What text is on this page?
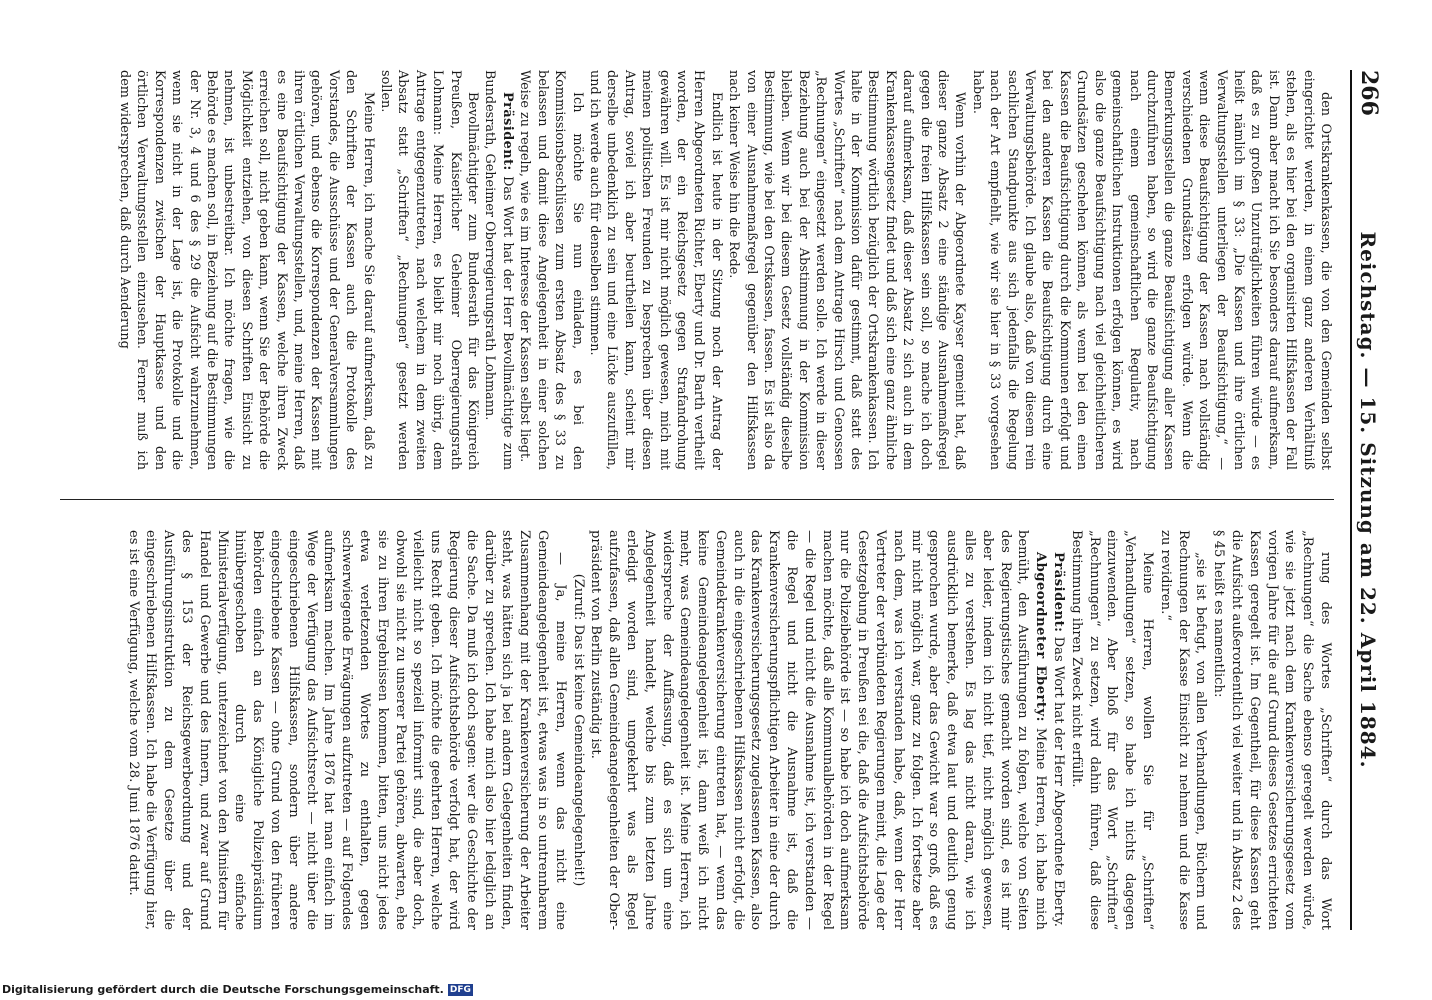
266
Reichstag. — 15. Sitzung am 22. April 1884.

den Ortskrankenkassen, die von den Gemeinden selbst eingerichtet werden, in einem ganz anderen Verhältniß stehen, als es hier bei den organisirten Hilfskassen der Fall ist. Dann aber macht ich Sie besonders darauf aufmerksam, daß es zu großen Unzuträglichkeiten führen würde — es heißt nämlich im § 33: „Die Kassen und ihre örtlichen Verwaltungsstellen unterliegen der Beaufsichtigung,“ — wenn diese Beaufsichtigung der Kassen nach vollständig verschiedenen Grundsätzen erfolgen würde. Wenn die Bemerkungsstellen die ganze Beaufsichtigung aller Kassen durchzuführen haben, so wird die ganze Beaufsichtigung nach einem gemeinschaftlichen Regulativ, nach gemeinschaftlichen Instruktionen erfolgen können, es wird also die ganze Beaufsichtigung nach viel gleichheitlicheren Grundsätzen geschehen können, als wenn bei den einen Kassen die Beaufsichtigung durch die Kommunen erfolgt und bei den anderen Kassen die Beaufsichtigung durch eine Verwaltungsbehörde. Ich glaube also, daß von diesem rein sachlichen Standpunkte aus sich jedenfalls die Regelung nach der Art empfiehlt, wie wir sie hier in § 33 vorgesehen haben.

Wenn vorhin der Abgeordnete Kayser gemeint hat, daß dieser ganze Absatz 2 eine ständige Ausnahmemaßregel gegen die freien Hilfskassen sein soll, so mache ich doch darauf aufmerksam, daß dieser Absatz 2 sich auch in dem Krankenkassengesetz findet und daß sich eine ganz ähnliche Bestimmung wörtlich bezüglich der Ortskrankenkassen. Ich halte in der Kommission dafür gestimmt, daß statt des Wortes „Schriften“ nach dem Antrage Hirsch und Genossen „Rechnungen“ eingesetzt werden solle. Ich werde in dieser Beziehung auch bei der Abstimmung in der Kommission bleiben. Wenn wir bei diesem Gesetz vollständig dieselbe Bestimmung, wie bei den Ortskassen, fassen. Es ist also da von einer Ausnahmemaßregel gegenüber den Hilfskassen nach keiner Weise hin die Rede.

Endlich ist heute in der Sitzung noch der Antrag der Herren Abgeordneten Richter, Eberty und Dr. Barth vertheilt worden, der ein Reichsgesetz gegen Strafandrohung gewähren will. Es ist mir nicht möglich gewesen, mich mit meinen politischen Freunden zu besprechen über diesen Antrag, soviel ich aber beurtheilen kann, scheint mir derselbe unbedenklich zu sein und eine Lücke auszufüllen, und ich werde auch für denselben stimmen.

Ich möchte Sie nun einladen, es bei den Kommissionsbeschlüssen zum ersten Absatz des § 33 zu belassen und damit diese Angelegenheit in einer solchen Weise zu regeln, wie es im Interesse der Kassen selbst liegt.

Präsident: Das Wort hat der Herr Bevollmächtigte zum Bundesrath, Geheimer Oberregierungsrath Lohmann.

Bevollmächtigter zum Bundesrath für das Königreich Preußen, Kaiserlicher Geheimer Oberregierungsrath Lohmann: Meine Herren, es bleibt mir noch übrig, dem Antrage entgegenzutreten, nach welchem in dem zweiten Absatz statt „Schriften“ „Rechnungen“ gesetzt werden sollen.

Meine Herren, ich mache Sie darauf aufmerksam, daß zu den Schriften der Kassen auch die Protokolle des Vorstandes, die Ausschüsse und der Generalversammlungen gehören, und ebenso die Korrespondenzen der Kassen mit ihren örtlichen Verwaltungsstellen, und, meine Herren, daß es eine Beaufsichtigung der Kassen, welche ihren Zweck erreichen soll, nicht geben kann, wenn Sie der Behörde die Möglichkeit entziehen, von diesen Schriften Einsicht zu nehmen, ist unbestreitbar. Ich möchte fragen, wie die Behörde es machen soll, in Beziehung auf die Bestimmungen der Nr. 3, 4 und 6 des § 29 die Aufsicht wahrzunehmen, wenn sie nicht in der Lage ist, die Protokolle und die Korrespondenzen zwischen der Hauptkasse und den örtlichen Verwaltungsstellen einzusehen. Ferner muß ich dem widersprechen, daß durch Aenderung

rung des Wortes „Schriften“ durch das Wort „Rechnungen“ die Sache ebenso geregelt werden würde, wie sie jetzt nach dem Krankenversicherungsgesetz vom vorigen Jahre für die auf Grund dieses Gesetzes errichteten Kassen geregelt ist. Im Gegentheil, für diese Kassen geht die Aufsicht außerordentlich viel weiter und in Absatz 2 des § 45 heißt es namentlich:

„sie ist befugt, von allen Verhandlungen, Büchern und Rechnungen der Kasse Einsicht zu nehmen und die Kasse zu revidiren.“

Meine Herren, wollen Sie für „Schriften“ „Verhandlungen“ setzen, so habe ich nichts dagegen einzuwenden. Aber bloß für das Wort „Schriften“ „Rechnungen“ zu setzen, wird dahin führen, daß diese Bestimmung ihren Zweck nicht erfüllt.

Präsident: Das Wort hat der Herr Abgeordnete Eberty.

Abgeordneter Eberty: Meine Herren, ich habe mich bemüht, den Ausführungen zu folgen, welche von Seiten des Regierungstisches gemacht worden sind, es ist mir aber leider, indem ich nicht tief, nicht möglich gewesen, alles zu verstehen. Es lag das nicht daran, wie ich ausdrücklich bemerke, daß etwa laut und deutlich genug gesprochen wurde, aber das Gewicht war so groß, daß es mir nicht möglich war, ganz zu folgen. Ich fortsetze aber nach dem, was ich verstanden habe, daß, wenn der Herr Vertreter der verbündeten Regierungen meint, die Lage der Gesetzgebung in Preußen sei die, daß die Aufsichtsbehörde nur die Polizeibehörde ist — so habe ich doch aufmerksam machen möchte, daß alle Kommunalbehörden in der Regel — die Regel und nicht die Ausnahme ist, ich verstanden — die Regel und nicht die Ausnahme ist, daß die Krankenversicherungspflichtigen Arbeiter in eine der durch das Krankenversicherungsgesetz zugelassenen Kassen, also auch in die eingeschriebenen Hilfskassen nicht erfolgt, die Gemeindekrankenversicherung eintreten hat, — wenn das keine Gemeindeangelegenheit ist, dann weiß ich nicht mehr, was Gemeindeangelegenheit ist. Meine Herren, ich widerspreche der Auffassung, daß es sich um eine Angelegenheit handelt, welche bis zum letzten Jahre erledigt worden sind, umgekehrt was als Regel aufzufassen, daß allen Gemeindeangelegenheiten der Ober-präsident von Berlin zuständig ist.

(Zuruf: Das ist keine Gemeindeangelegenheit!)

— Ja, meine Herren, wenn das nicht eine Gemeindeangelegenheit ist, etwas was in so untrennbarem Zusammenhang mit der Krankenversicherung der Arbeiter steht, was hätten sich ja bei andern Gelegenheiten finden, darüber zu sprechen. Ich habe mich also hier lediglich an die Sache. Da muß ich doch sagen: wer die Geschichte der Regierung dieser Aufsichtsbehörde verfolgt hat, der wird uns Recht geben. Ich möchte die geehrten Herren, welche vielleicht nicht so speziell informirt sind, die aber doch, obwohl sie nicht zu unserer Partei gehören, abwarten, ehe sie zu ihren Ergebnissen kommen, bitten, uns nicht jedes etwa verletzenden Wortes zu enthalten, gegen schwerwiegende Erwägungen aufzutreten — auf Folgendes aufmerksam machen. Im Jahre 1876 hat man einfach im Wege der Verfügung das Aufsichtsrecht — nicht über die eingeschriebenen Hilfskassen, sondern über andere eingeschriebene Kassen — ohne Grund von den früheren Behörden einfach an das Königliche Polizeipräsidium hinübergeschoben durch eine einfache Ministerialverfügung, unterzeichnet von den Ministern für Handel und Gewerbe und des Innern, und zwar auf Grund des § 153 der Reichsgewerbeordnung und der Ausführungsinstruktion zu dem Gesetze über die eingeschriebenen Hilfskassen. Ich habe die Verfügung hier, es ist eine Verfügung, welche vom 28. Juni 1876 datirt.

Digitalisierung gefördert durch die Deutsche Forschungsgemeinschaft. DFG
